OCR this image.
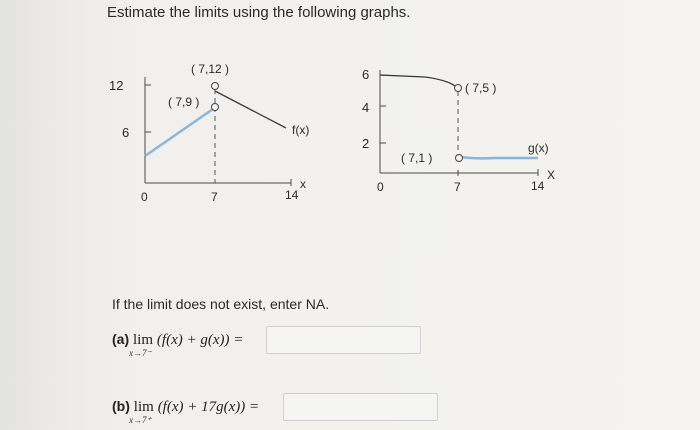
Estimate the limits using the following graphs.
12
6
0	7	14
x
f(x)
( 7,12 )
( 7,9 )
6
4
2
0	7	14
X
g(x)
( 7,5 )
( 7,1 )
If the limit does not exist, enter NA.
(a) lim (f(x) + g(x)) =
x→7⁻
(b) lim (f(x) + 17g(x)) =
x→7⁺
